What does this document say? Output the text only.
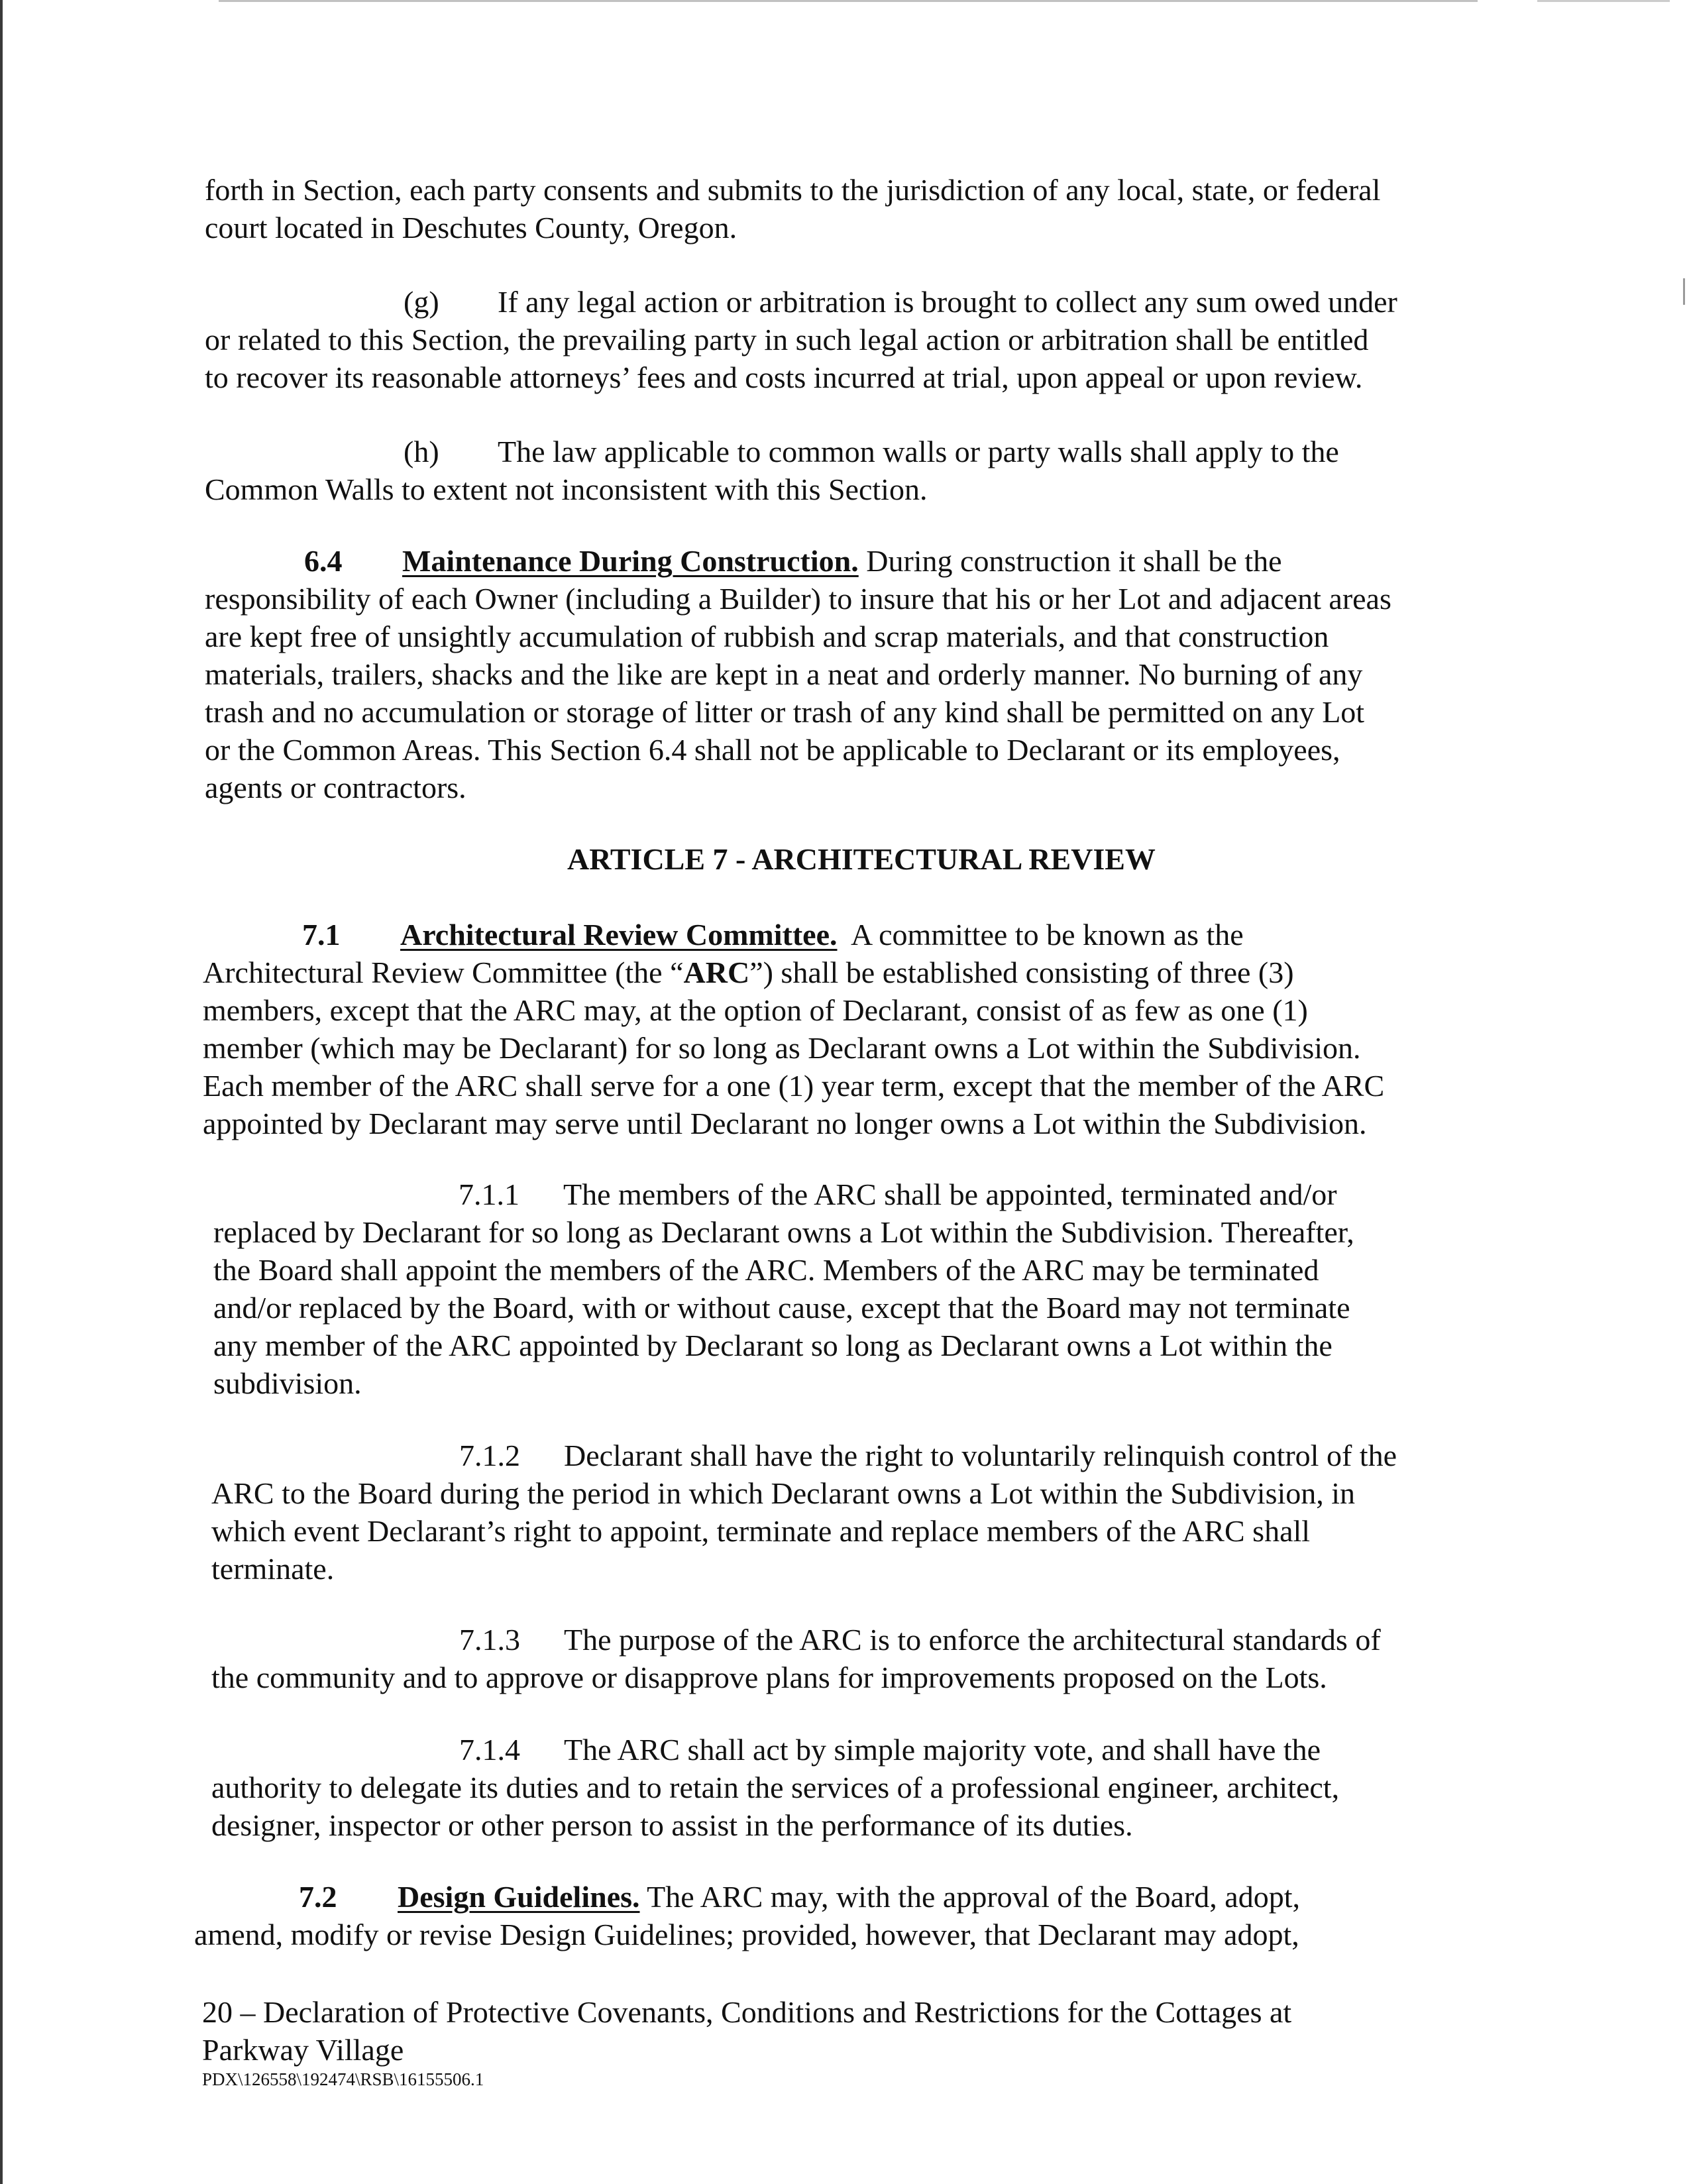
forth in Section, each party consents and submits to the jurisdiction of any local, state, or federal
court located in Deschutes County, Oregon.
(g) If any legal action or arbitration is brought to collect any sum owed under
or related to this Section, the prevailing party in such legal action or arbitration shall be entitled
to recover its reasonable attorneys’ fees and costs incurred at trial, upon appeal or upon review.
(h) The law applicable to common walls or party walls shall apply to the
Common Walls to extent not inconsistent with this Section.
6.4 Maintenance During Construction. During construction it shall be the
responsibility of each Owner (including a Builder) to insure that his or her Lot and adjacent areas
are kept free of unsightly accumulation of rubbish and scrap materials, and that construction
materials, trailers, shacks and the like are kept in a neat and orderly manner. No burning of any
trash and no accumulation or storage of litter or trash of any kind shall be permitted on any Lot
or the Common Areas. This Section 6.4 shall not be applicable to Declarant or its employees,
agents or contractors.
ARTICLE 7 - ARCHITECTURAL REVIEW
7.1 Architectural Review Committee.  A committee to be known as the
Architectural Review Committee (the “ARC”) shall be established consisting of three (3)
members, except that the ARC may, at the option of Declarant, consist of as few as one (1)
member (which may be Declarant) for so long as Declarant owns a Lot within the Subdivision.
Each member of the ARC shall serve for a one (1) year term, except that the member of the ARC
appointed by Declarant may serve until Declarant no longer owns a Lot within the Subdivision.
7.1.1 The members of the ARC shall be appointed, terminated and/or
replaced by Declarant for so long as Declarant owns a Lot within the Subdivision. Thereafter,
the Board shall appoint the members of the ARC. Members of the ARC may be terminated
and/or replaced by the Board, with or without cause, except that the Board may not terminate
any member of the ARC appointed by Declarant so long as Declarant owns a Lot within the
subdivision.
7.1.2 Declarant shall have the right to voluntarily relinquish control of the
ARC to the Board during the period in which Declarant owns a Lot within the Subdivision, in
which event Declarant’s right to appoint, terminate and replace members of the ARC shall
terminate.
7.1.3 The purpose of the ARC is to enforce the architectural standards of
the community and to approve or disapprove plans for improvements proposed on the Lots.
7.1.4 The ARC shall act by simple majority vote, and shall have the
authority to delegate its duties and to retain the services of a professional engineer, architect,
designer, inspector or other person to assist in the performance of its duties.
7.2 Design Guidelines. The ARC may, with the approval of the Board, adopt,
amend, modify or revise Design Guidelines; provided, however, that Declarant may adopt,
20 – Declaration of Protective Covenants, Conditions and Restrictions for the Cottages at
Parkway Village
PDX\126558\192474\RSB\16155506.1
